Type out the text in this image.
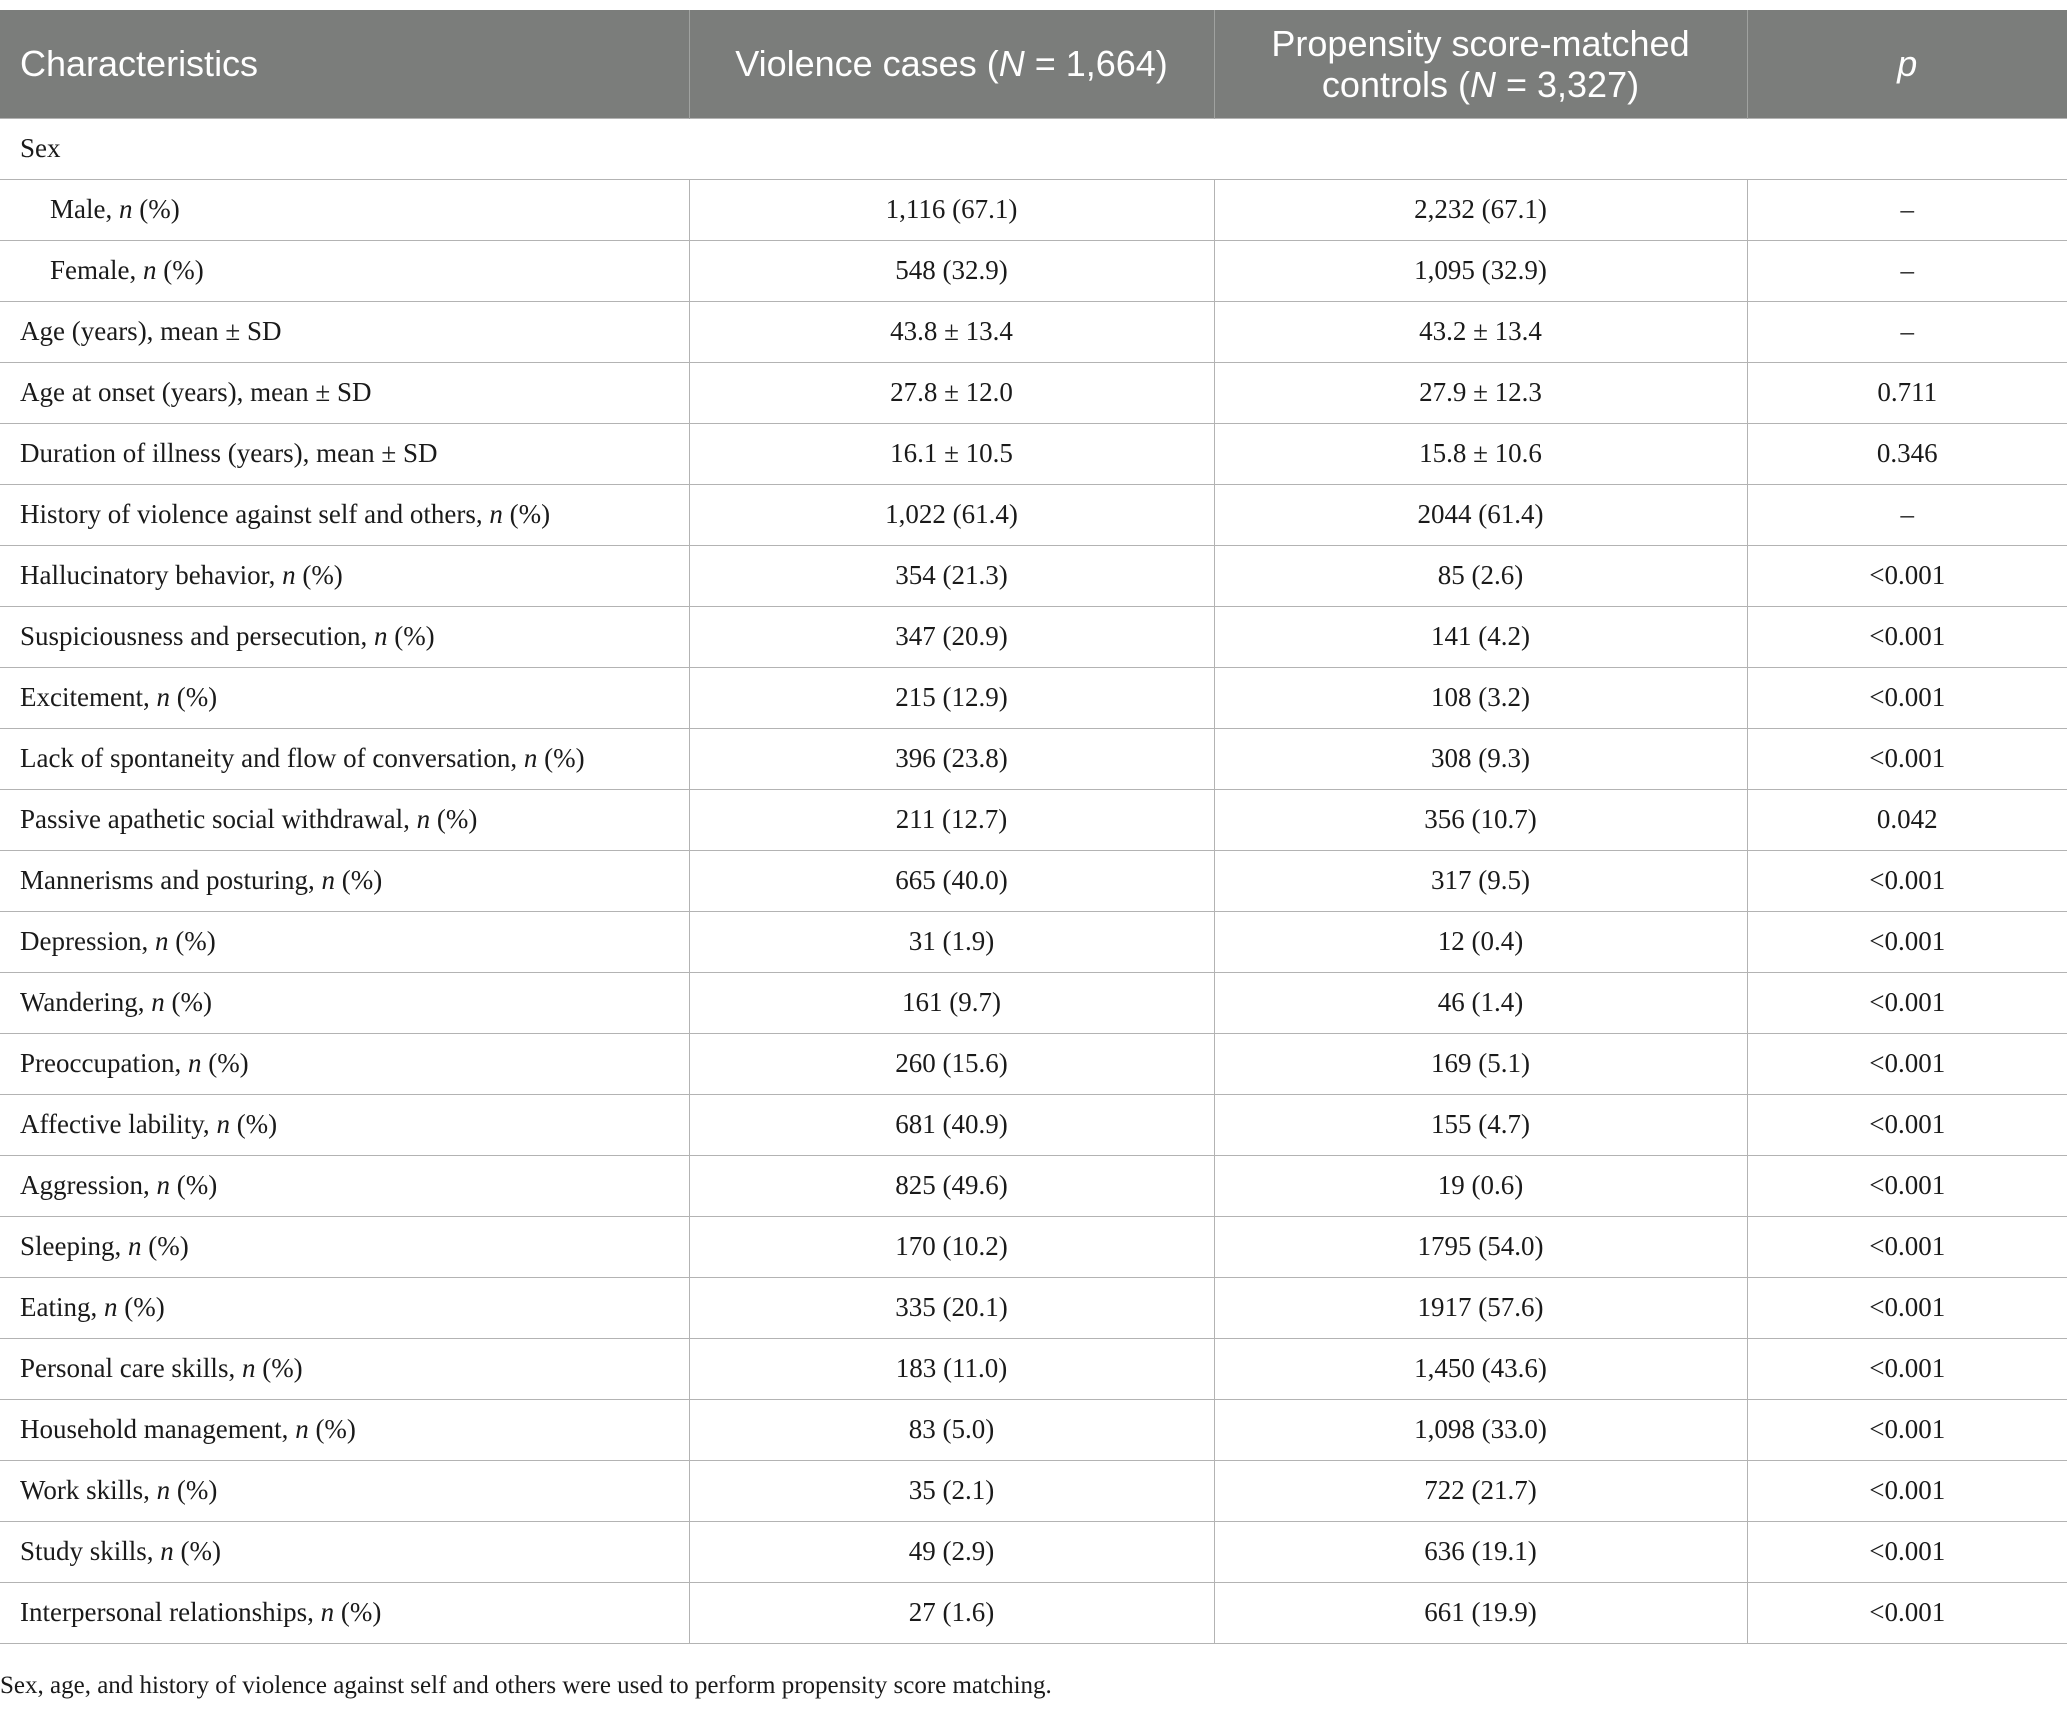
Characteristics	Violence cases (N = 1,664)	Propensity score-matched controls (N = 3,327)	p
Sex			
Male, n (%)	1,116 (67.1)	2,232 (67.1)	–
Female, n (%)	548 (32.9)	1,095 (32.9)	–
Age (years), mean ± SD	43.8 ± 13.4	43.2 ± 13.4	–
Age at onset (years), mean ± SD	27.8 ± 12.0	27.9 ± 12.3	0.711
Duration of illness (years), mean ± SD	16.1 ± 10.5	15.8 ± 10.6	0.346
History of violence against self and others, n (%)	1,022 (61.4)	2044 (61.4)	–
Hallucinatory behavior, n (%)	354 (21.3)	85 (2.6)	<0.001
Suspiciousness and persecution, n (%)	347 (20.9)	141 (4.2)	<0.001
Excitement, n (%)	215 (12.9)	108 (3.2)	<0.001
Lack of spontaneity and flow of conversation, n (%)	396 (23.8)	308 (9.3)	<0.001
Passive apathetic social withdrawal, n (%)	211 (12.7)	356 (10.7)	0.042
Mannerisms and posturing, n (%)	665 (40.0)	317 (9.5)	<0.001
Depression, n (%)	31 (1.9)	12 (0.4)	<0.001
Wandering, n (%)	161 (9.7)	46 (1.4)	<0.001
Preoccupation, n (%)	260 (15.6)	169 (5.1)	<0.001
Affective lability, n (%)	681 (40.9)	155 (4.7)	<0.001
Aggression, n (%)	825 (49.6)	19 (0.6)	<0.001
Sleeping, n (%)	170 (10.2)	1795 (54.0)	<0.001
Eating, n (%)	335 (20.1)	1917 (57.6)	<0.001
Personal care skills, n (%)	183 (11.0)	1,450 (43.6)	<0.001
Household management, n (%)	83 (5.0)	1,098 (33.0)	<0.001
Work skills, n (%)	35 (2.1)	722 (21.7)	<0.001
Study skills, n (%)	49 (2.9)	636 (19.1)	<0.001
Interpersonal relationships, n (%)	27 (1.6)	661 (19.9)	<0.001
Sex, age, and history of violence against self and others were used to perform propensity score matching.
